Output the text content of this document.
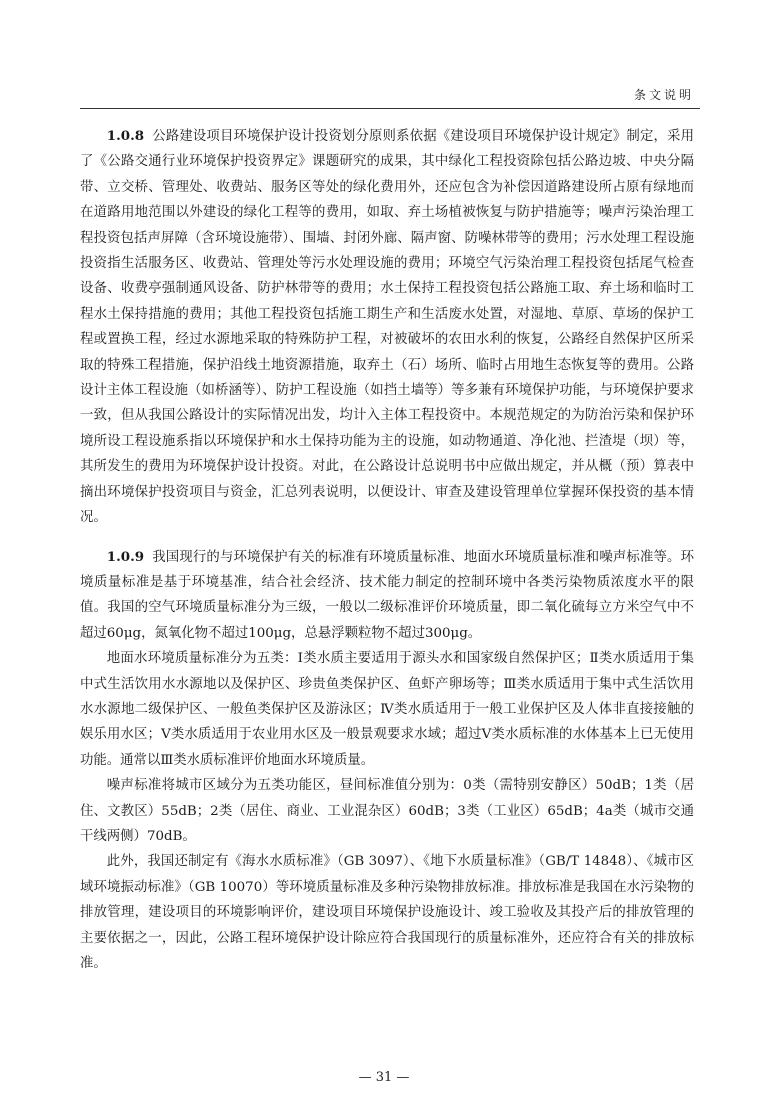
条文说明

1.0.8 公路建设项目环境保护设计投资划分原则系依据《建设项目环境保护设计规定》制定，采用了《公路交通行业环境保护投资界定》课题研究的成果，其中绿化工程投资除包括公路边坡、中央分隔带、立交桥、管理处、收费站、服务区等处的绿化费用外，还应包含为补偿因道路建设所占原有绿地而在道路用地范围以外建设的绿化工程等的费用，如取、弃土场植被恢复与防护措施等；噪声污染治理工程投资包括声屏障（含环境设施带）、围墙、封闭外廊、隔声窗、防噪林带等的费用；污水处理工程设施投资指生活服务区、收费站、管理处等污水处理设施的费用；环境空气污染治理工程投资包括尾气检查设备、收费亭强制通风设备、防护林带等的费用；水土保持工程投资包括公路施工取、弃土场和临时工程水土保持措施的费用；其他工程投资包括施工期生产和生活废水处置，对湿地、草原、草场的保护工程或置换工程，经过水源地采取的特殊防护工程，对被破坏的农田水利的恢复，公路经自然保护区所采取的特殊工程措施，保护沿线土地资源措施，取弃土（石）场所、临时占用地生态恢复等的费用。公路设计主体工程设施（如桥涵等）、防护工程设施（如挡土墙等）等多兼有环境保护功能，与环境保护要求一致，但从我国公路设计的实际情况出发，均计入主体工程投资中。本规范规定的为防治污染和保护环境所设工程设施系指以环境保护和水土保持功能为主的设施，如动物通道、净化池、拦渣堤（坝）等，其所发生的费用为环境保护设计投资。对此，在公路设计总说明书中应做出规定，并从概（预）算表中摘出环境保护投资项目与资金，汇总列表说明，以便设计、审查及建设管理单位掌握环保投资的基本情况。

1.0.9 我国现行的与环境保护有关的标准有环境质量标准、地面水环境质量标准和噪声标准等。环境质量标准是基于环境基准，结合社会经济、技术能力制定的控制环境中各类污染物质浓度水平的限值。我国的空气环境质量标准分为三级，一般以二级标准评价环境质量，即二氧化硫每立方米空气中不超过60μg，氮氧化物不超过100μg，总悬浮颗粒物不超过300μg。

地面水环境质量标准分为五类：Ⅰ类水质主要适用于源头水和国家级自然保护区；Ⅱ类水质适用于集中式生活饮用水水源地以及保护区、珍贵鱼类保护区、鱼虾产卵场等；Ⅲ类水质适用于集中式生活饮用水水源地二级保护区、一般鱼类保护区及游泳区；Ⅳ类水质适用于一般工业保护区及人体非直接接触的娱乐用水区；Ⅴ类水质适用于农业用水区及一般景观要求水域；超过Ⅴ类水质标准的水体基本上已无使用功能。通常以Ⅲ类水质标准评价地面水环境质量。

噪声标准将城市区域分为五类功能区，昼间标准值分别为：0类（需特别安静区）50dB；1类（居住、文教区）55dB；2类（居住、商业、工业混杂区）60dB；3类（工业区）65dB；4a类（城市交通干线两侧）70dB。

此外，我国还制定有《海水水质标准》（GB 3097）、《地下水质量标准》（GB/T 14848）、《城市区域环境振动标准》（GB 10070）等环境质量标准及多种污染物排放标准。排放标准是我国在水污染物的排放管理，建设项目的环境影响评价，建设项目环境保护设施设计、竣工验收及其投产后的排放管理的主要依据之一，因此，公路工程环境保护设计除应符合我国现行的质量标准外，还应符合有关的排放标准。

— 31 —
